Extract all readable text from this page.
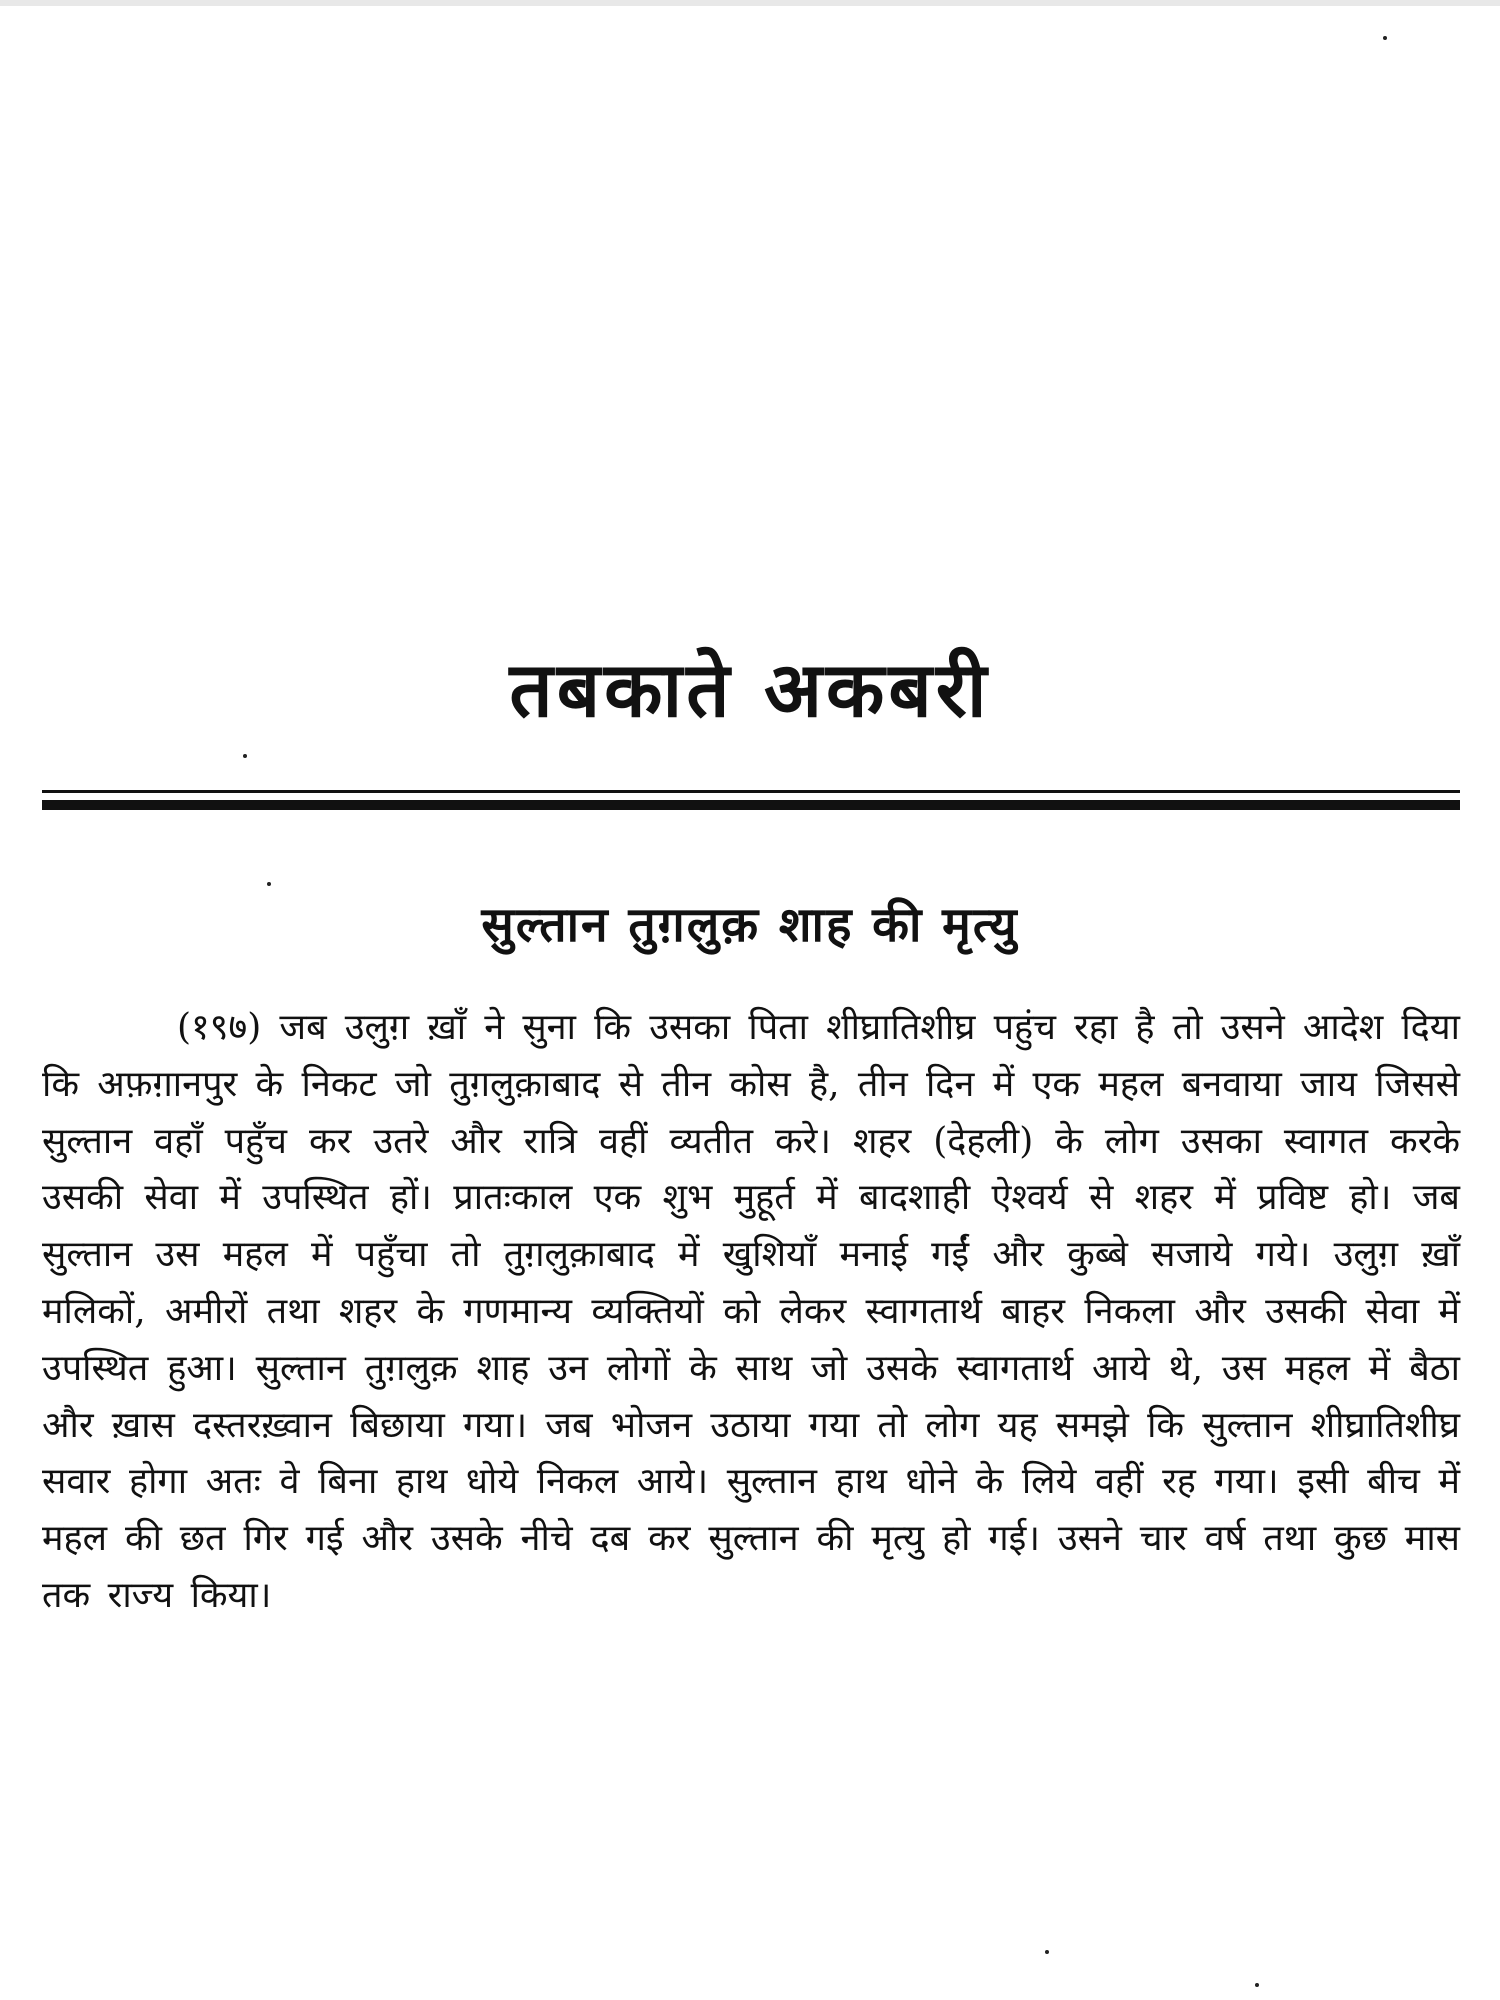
तबकाते अकबरी
सुल्तान तुग़लुक़ शाह की मृत्यु

(१९७) जब उलुग़ ख़ाँ ने सुना कि उसका पिता शीघ्रातिशीघ्र पहुंच रहा है तो उसने आदेश दिया कि अफ़ग़ानपुर के निकट जो तुग़लुक़ाबाद से तीन कोस है, तीन दिन में एक महल बनवाया जाय जिससे सुल्तान वहाँ पहुँच कर उतरे और रात्रि वहीं व्यतीत करे। शहर (देहली) के लोग उसका स्वागत करके उसकी सेवा में उपस्थित हों। प्रातःकाल एक शुभ मुहूर्त में बादशाही ऐश्वर्य से शहर में प्रविष्ट हो। जब सुल्तान उस महल में पहुँचा तो तुग़लुक़ाबाद में खुशियाँ मनाई गईं और कुब्बे सजाये गये। उलुग़ ख़ाँ मलिकों, अमीरों तथा शहर के गणमान्य व्यक्तियों को लेकर स्वागतार्थ बाहर निकला और उसकी सेवा में उपस्थित हुआ। सुल्तान तुग़लुक़ शाह उन लोगों के साथ जो उसके स्वागतार्थ आये थे, उस महल में बैठा और ख़ास दस्तरख़्वान बिछाया गया। जब भोजन उठाया गया तो लोग यह समझे कि सुल्तान शीघ्रातिशीघ्र सवार होगा अतः वे बिना हाथ धोये निकल आये। सुल्तान हाथ धोने के लिये वहीं रह गया। इसी बीच में महल की छत गिर गई और उसके नीचे दब कर सुल्तान की मृत्यु हो गई। उसने चार वर्ष तथा कुछ मास तक राज्य किया।
